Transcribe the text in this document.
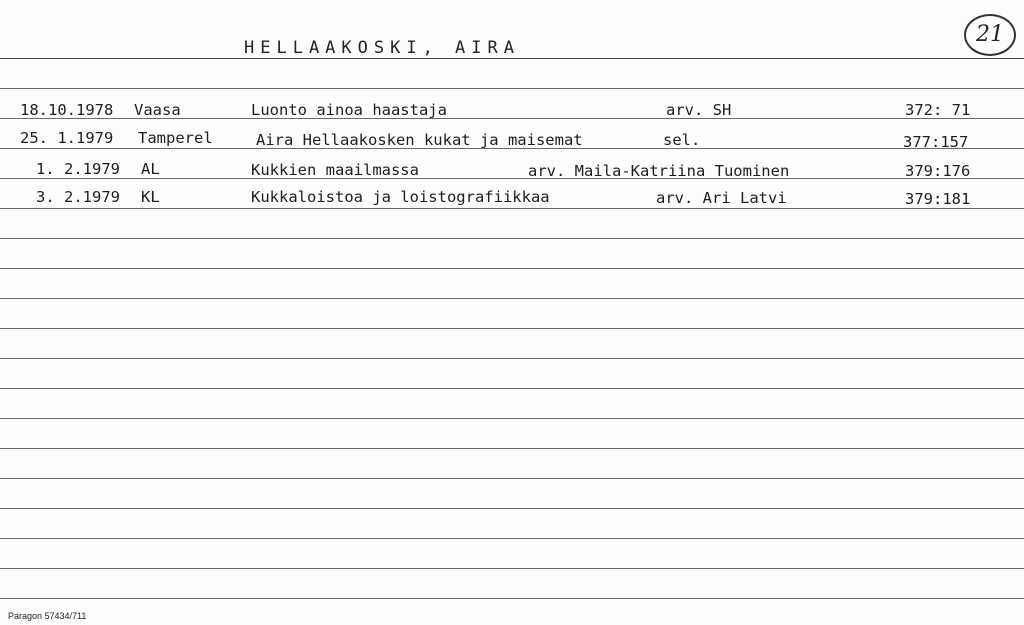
HELLAAKOSKI, AIRA
21
18.10.1978 Vaasa	Luonto ainoa haastaja	arv. SH	372: 71
25. 1.1979 Tamperel	Aira Hellaakosken kukat ja maisemat	sel.	377:157
1. 2.1979 AL	Kukkien maailmassa	arv. Maila-Katriina Tuominen	379:176
3. 2.1979 KL	Kukkaloistoa ja loistografiikkaa	arv. Ari Latvi	379:181
Paragon 57434/711
